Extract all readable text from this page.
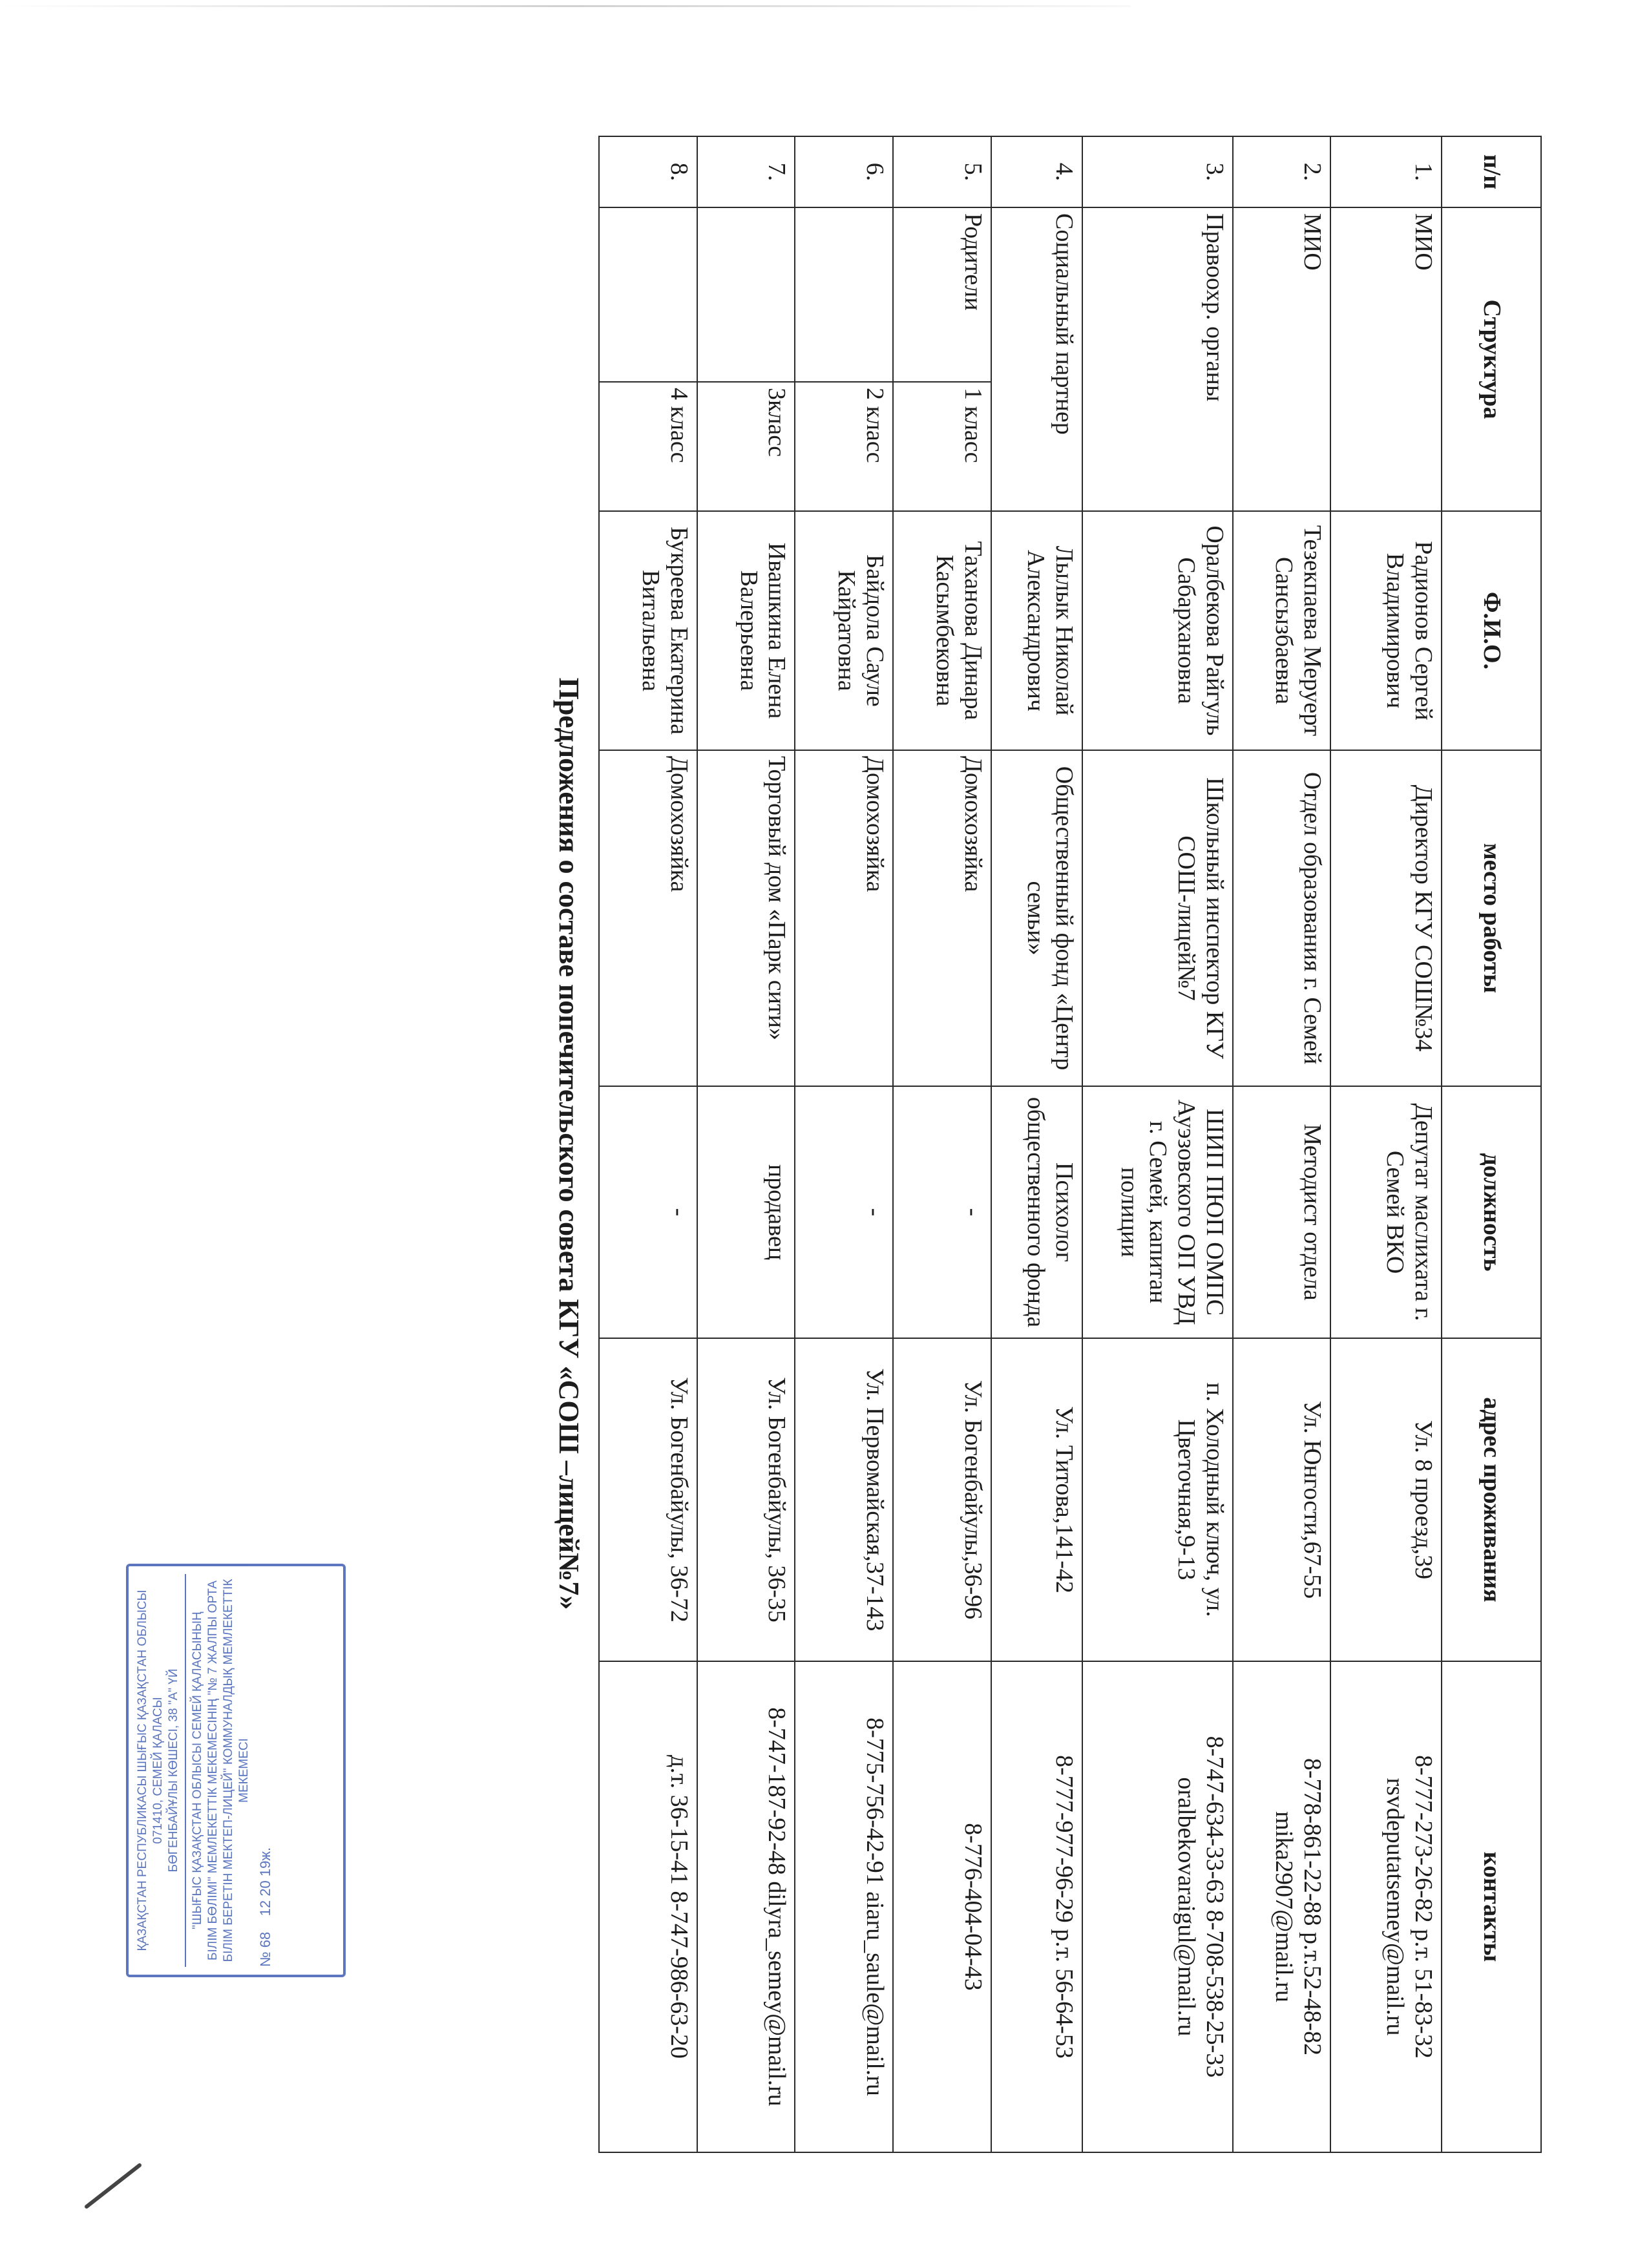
п/п	Структура		Ф.И.О.	место работы	должность	адрес проживания	контакты
1.	МИО		Радионов Сергей Владимирович	Директор КГУ СОШ№34	Депутат маслихата г. Семей ВКО	Ул. 8 проезд,39	8-777-273-26-82 р.т. 51-83-32 rsvdeputatsemey@mail.ru
2.	МИО		Тезекпаева Меруерт Сансызбаевна	Отдел образования г. Семей	Методист отдела	Ул. Юнгости,67-55	8-778-861-22-88 р.т.52-48-82 mika2907@mail.ru
3.	Правоохр. органы		Оралбекова Райгуль Сабархановна	Школьный инспектор КГУ СОШ-лицей№7	ШИП ПЮП ОМПС Ауэзовского ОП УВД г. Семей, капитан полиции	п. Холодный ключ, ул. Цветочная,9-13	8-747-634-33-63 8-708-538-25-33 oralbekovaraigul@mail.ru
4.	Социальный партнер		Лылык Николай Александрович	Общественный фонд «Центр семьи»	Психолог общественного фонда	Ул. Титова,141-42	8-777-977-96-29 р.т. 56-64-53
5.	Родители	1 класс	Таханова Динара Касымбековна	Домохозяйка	-	Ул. Богенбайулы,36-96	8-776-404-04-43
6.		2 класс	Байдола Сауле Кайратовна	Домохозяйка	-	Ул. Первомайская,37-143	8-775-756-42-91 aiaru_saule@mail.ru
7.		3класс	Ивашкина Елена Валерьевна	Торговый дом «Парк сити»	продавец	Ул. Богенбайулы, 36-35	8-747-187-92-48 dilyra_semey@mail.ru
8.		4 класс	Букреева Екатерина Витальевна	Домохозяйка	-	Ул. Богенбайулы, 36-72	д.т. 36-15-41 8-747-986-63-20
Предложения о составе попечительского совета КГУ «СОШ –лицей№7»
ҚАЗАҚСТАН РЕСПУБЛИКАСЫ ШЫҒЫС ҚАЗАҚСТАН ОБЛЫСЫ 071410, СЕМЕЙ ҚАЛАСЫ БӨГЕНБАЙҰЛЫ КӨШЕСІ, 38 "А" ҮЙ "ШЫҒЫС ҚАЗАҚСТАН ОБЛЫСЫ СЕМЕЙ ҚАЛАСЫНЫҢ БІЛІМ БӨЛІМІ" МЕМЛЕКЕТТІК МЕКЕМЕСІНІҢ "№ 7 ЖАЛПЫ ОРТА БІЛІМ БЕРЕТІН МЕКТЕП-ЛИЦЕЙ" КОММУНАЛДЫҚ МЕМЛЕКЕТТІК МЕКЕМЕСІ
№ 68    12 20 19ж.
